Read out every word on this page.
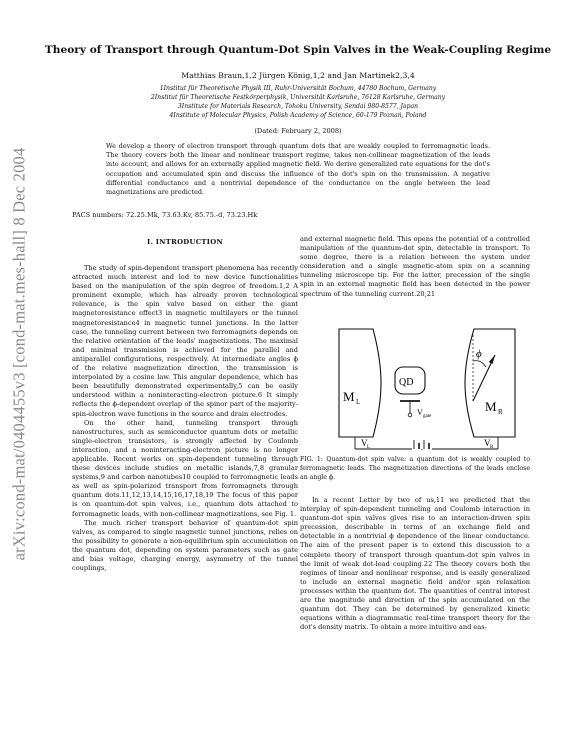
arXiv:cond-mat/0404455v3 [cond-mat.mes-hall] 8 Dec 2004
Theory of Transport through Quantum-Dot Spin Valves in the Weak-Coupling Regime
Matthias Braun,1,2 Jürgen König,1,2 and Jan Martinek2,3,4
1Institut für Theoretische Physik III, Ruhr-Universität Bochum, 44780 Bochum, Germany
2Institut für Theoretische Festkörperphysik, Universität Karlsruhe, 76128 Karlsruhe, Germany
3Institute for Materials Research, Tohoku University, Sendai 980-8577, Japan
4Institute of Molecular Physics, Polish Academy of Science, 60-179 Poznań, Poland
(Dated: February 2, 2008)
We develop a theory of electron transport through quantum dots that are weakly coupled to ferromagnetic leads. The theory covers both the linear and nonlinear transport regime, takes non-collinear magnetization of the leads into account, and allows for an externally applied magnetic field. We derive generalized rate equations for the dot's occupation and accumulated spin and discuss the influence of the dot's spin on the transmission. A negative differential conductance and a nontrivial dependence of the conductance on the angle between the lead magnetizations are predicted.
PACS numbers: 72.25.Mk, 73.63.Kv, 85.75.-d, 73.23.Hk
I. INTRODUCTION

The study of spin-dependent transport phenomena has recently attracted much interest and led to new device functionalities based on the manipulation of the spin degree of freedom.1,2 A prominent example, which has already proven technological relevance, is the spin valve based on either the giant magnetoresistance effect3 in magnetic multilayers or the tunnel magnetoresistance4 in magnetic tunnel junctions. In the latter case, the tunneling current between two ferromagnets depends on the relative orientation of the leads' magnetizations. The maximal and minimal transmission is achieved for the parallel and antiparallel configurations, respectively. At intermediate angles ϕ of the relative magnetization direction, the transmission is interpolated by a cosine law. This angular dependence, which has been beautifully demonstrated experimentally,5 can be easily understood within a noninteracting-electron picture.6 It simply reflects the ϕ-dependent overlap of the spinor part of the majority-spin-electron wave functions in the source and drain electrodes.

On the other hand, tunneling transport through nanostructures, such as semiconductor quantum dots or metallic single-electron transistors, is strongly affected by Coulomb interaction, and a noninteracting-electron picture is no longer applicable. Recent works on spin-dependent tunneling through these devices include studies on metallic islands,7,8 granular systems,9 and carbon nanotubes10 coupled to ferromagnetic leads as well as spin-polarized transport from ferromagnets through quantum dots.11,12,13,14,15,16,17,18,19 The focus of this paper is on quantum-dot spin valves, i.e., quantum dots attached to ferromagnetic leads, with non-collinear magnetizations, see Fig. 1.

The much richer transport behavior of quantum-dot spin valves, as compared to single magnetic tunnel junctions, relies on the possibility to generate a non-equilibrium spin accumulation on the quantum dot, depending on system parameters such as gate and bias voltage, charging energy, asymmetry of the tunnel couplings,

and external magnetic field. This opens the potential of a controlled manipulation of the quantum-dot spin, detectable in transport. To some degree, there is a relation between the system under consideration and a single magnetic-atom spin on a scanning tunneling microscope tip. For the latter, precession of the single spin in an external magnetic field has been detected in the power spectrum of the tunneling current.20,21

M L
ϕ
M R
QD
V gate
V L	V R
FIG. 1: Quantum-dot spin valve: a quantum dot is weakly coupled to ferromagnetic leads. The magnetization directions of the leads enclose an angle ϕ.

In a recent Letter by two of us,11 we predicted that the interplay of spin-dependent tunneling and Coulomb interaction in quantum-dot spin valves gives rise to an interaction-driven spin precession, describable in terms of an exchange field and detectable in a nontrivial ϕ dependence of the linear conductance. The aim of the present paper is to extend this discussion to a complete theory of transport through quantum-dot spin valves in the limit of weak dot-lead coupling.22 The theory covers both the regimes of linear and nonlinear response, and is easily generalized to include an external magnetic field and/or spin relaxation processes within the quantum dot. The quantities of central interest are the magnitude and direction of the spin accumulated on the quantum dot. They can be determined by generalized kinetic equations within a diagrammatic real-time transport theory for the dot's density matrix. To obtain a more intuitive and eas-
